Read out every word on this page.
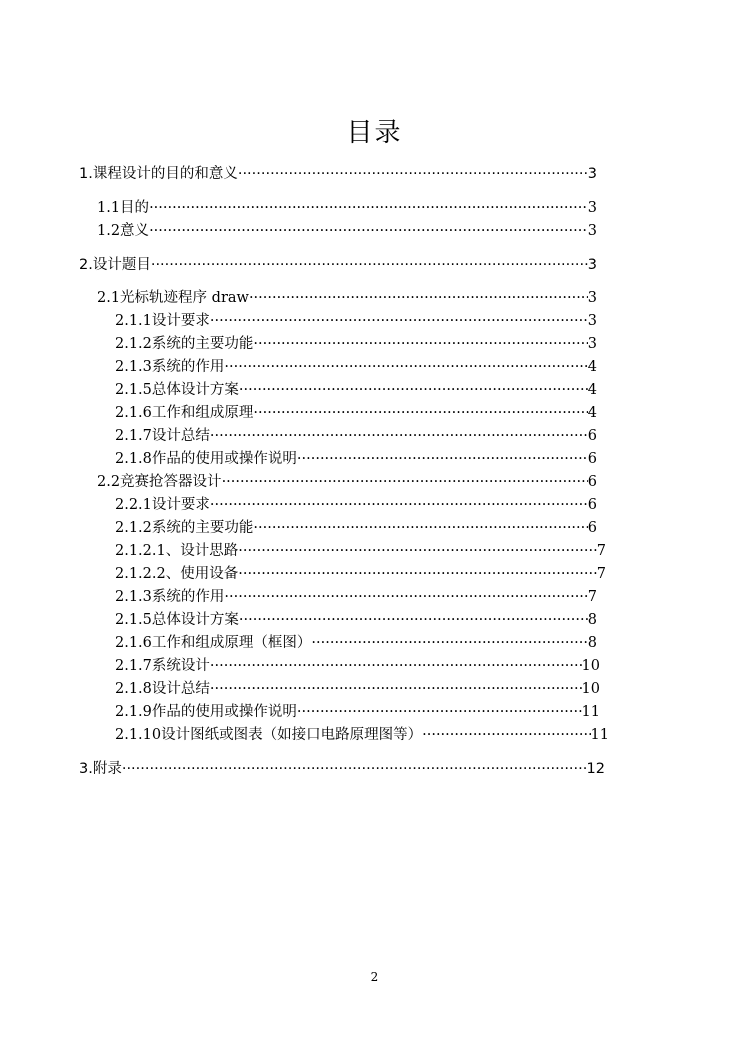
目录
1.课程设计的目的和意义 ·····	3
1.1目的 ·····	3
1.2意义 ·····	3
2.设计题目 ·····	3
2.1光标轨迹程序 draw ·····	3
2.1.1设计要求 ·····	3
2.1.2系统的主要功能 ·····	3
2.1.3系统的作用 ·····	4
2.1.5总体设计方案 ·····	4
2.1.6工作和组成原理 ·····	4
2.1.7设计总结 ·····	6
2.1.8作品的使用或操作说明 ·····	6
2.2竞赛抢答器设计 ·····	6
2.2.1设计要求 ·····	6
2.1.2系统的主要功能 ·····	6
2.1.2.1、设计思路 ·····	7
2.1.2.2、使用设备 ·····	7
2.1.3系统的作用 ·····	7
2.1.5总体设计方案 ·····	8
2.1.6工作和组成原理（框图） ·····	8
2.1.7系统设计 ·····	10
2.1.8设计总结 ·····	10
2.1.9作品的使用或操作说明 ·····	11
2.1.10设计图纸或图表（如接口电路原理图等） ·····	11
3.附录 ·····	12
2
